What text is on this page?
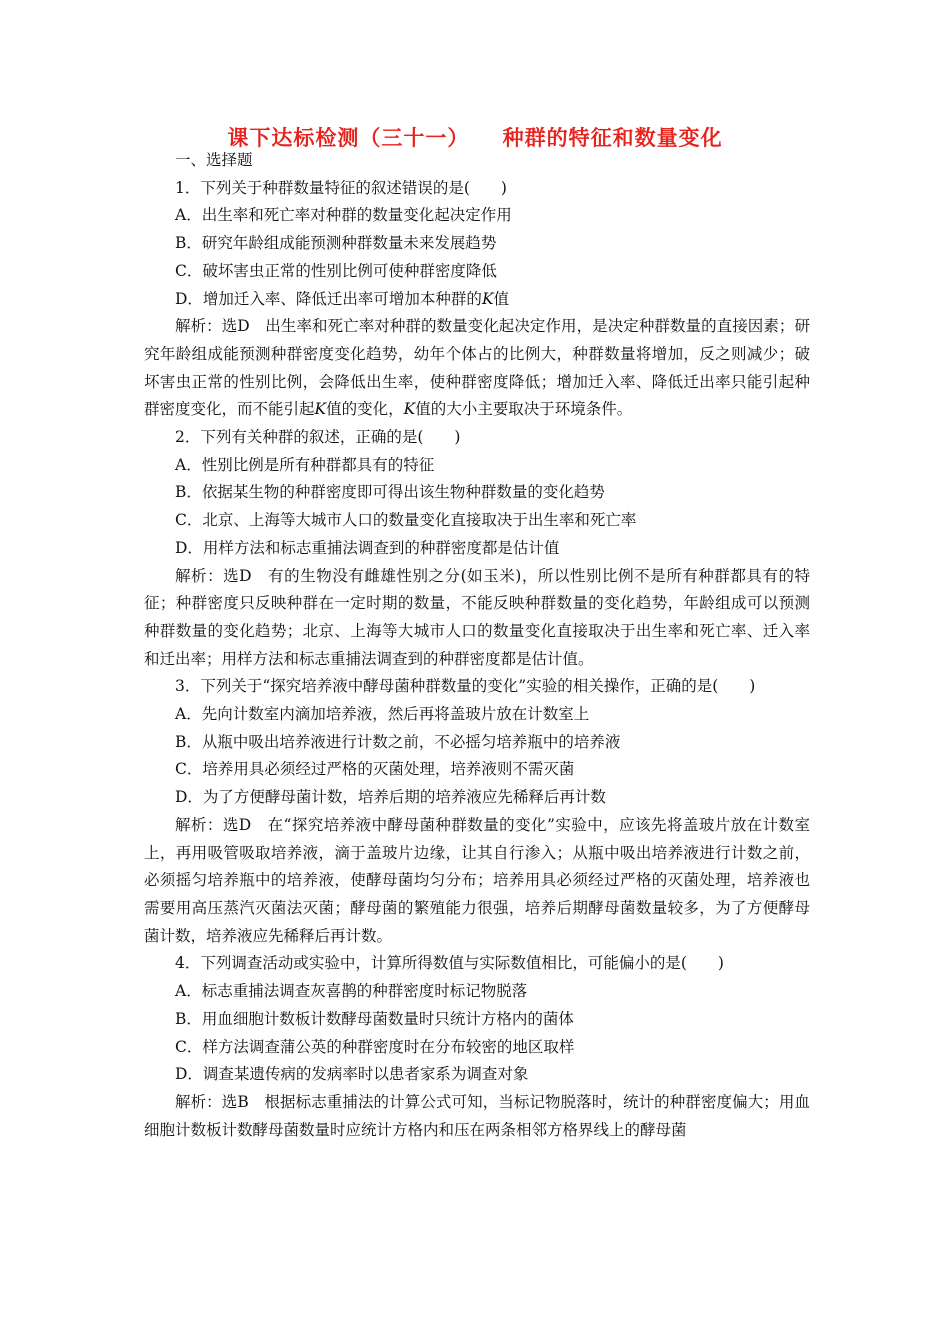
课下达标检测（三十一）    种群的特征和数量变化

一、选择题

1．下列关于种群数量特征的叙述错误的是(　　)

A．出生率和死亡率对种群的数量变化起决定作用

B．研究年龄组成能预测种群数量未来发展趋势

C．破坏害虫正常的性别比例可使种群密度降低

D．增加迁入率、降低迁出率可增加本种群的K值

解析：选D　出生率和死亡率对种群的数量变化起决定作用，是决定种群数量的直接因素；研究年龄组成能预测种群密度变化趋势，幼年个体占的比例大，种群数量将增加，反之则减少；破坏害虫正常的性别比例，会降低出生率，使种群密度降低；增加迁入率、降低迁出率只能引起种群密度变化，而不能引起K值的变化，K值的大小主要取决于环境条件。

2．下列有关种群的叙述，正确的是(　　)

A．性别比例是所有种群都具有的特征

B．依据某生物的种群密度即可得出该生物种群数量的变化趋势

C．北京、上海等大城市人口的数量变化直接取决于出生率和死亡率

D．用样方法和标志重捕法调查到的种群密度都是估计值

解析：选D　有的生物没有雌雄性别之分(如玉米)，所以性别比例不是所有种群都具有的特征；种群密度只反映种群在一定时期的数量，不能反映种群数量的变化趋势，年龄组成可以预测种群数量的变化趋势；北京、上海等大城市人口的数量变化直接取决于出生率和死亡率、迁入率和迁出率；用样方法和标志重捕法调查到的种群密度都是估计值。

3．下列关于“探究培养液中酵母菌种群数量的变化”实验的相关操作，正确的是(　　)

A．先向计数室内滴加培养液，然后再将盖玻片放在计数室上

B．从瓶中吸出培养液进行计数之前，不必摇匀培养瓶中的培养液

C．培养用具必须经过严格的灭菌处理，培养液则不需灭菌

D．为了方便酵母菌计数，培养后期的培养液应先稀释后再计数

解析：选D　在“探究培养液中酵母菌种群数量的变化”实验中，应该先将盖玻片放在计数室上，再用吸管吸取培养液，滴于盖玻片边缘，让其自行渗入；从瓶中吸出培养液进行计数之前，必须摇匀培养瓶中的培养液，使酵母菌均匀分布；培养用具必须经过严格的灭菌处理，培养液也需要用高压蒸汽灭菌法灭菌；酵母菌的繁殖能力很强，培养后期酵母菌数量较多，为了方便酵母菌计数，培养液应先稀释后再计数。

4．下列调查活动或实验中，计算所得数值与实际数值相比，可能偏小的是(　　)

A．标志重捕法调查灰喜鹊的种群密度时标记物脱落

B．用血细胞计数板计数酵母菌数量时只统计方格内的菌体

C．样方法调查蒲公英的种群密度时在分布较密的地区取样

D．调查某遗传病的发病率时以患者家系为调查对象

解析：选B　根据标志重捕法的计算公式可知，当标记物脱落时，统计的种群密度偏大；用血细胞计数板计数酵母菌数量时应统计方格内和压在两条相邻方格界线上的酵母菌
